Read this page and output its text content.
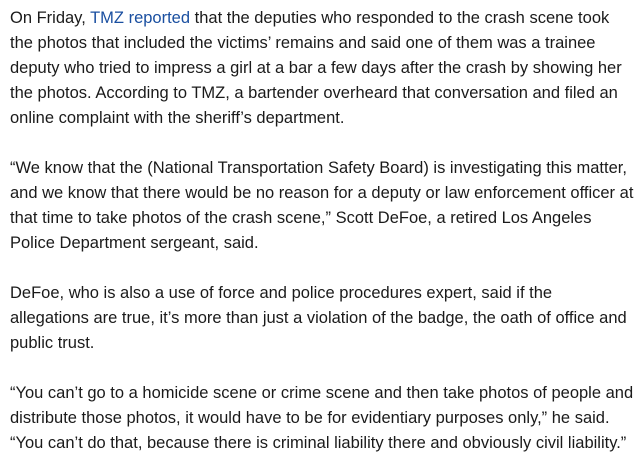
On Friday, TMZ reported that the deputies who responded to the crash scene took the photos that included the victims’ remains and said one of them was a trainee deputy who tried to impress a girl at a bar a few days after the crash by showing her the photos. According to TMZ, a bartender overheard that conversation and filed an online complaint with the sheriff’s department.

“We know that the (National Transportation Safety Board) is investigating this matter, and we know that there would be no reason for a deputy or law enforcement officer at that time to take photos of the crash scene,” Scott DeFoe, a retired Los Angeles Police Department sergeant, said.

DeFoe, who is also a use of force and police procedures expert, said if the allegations are true, it’s more than just a violation of the badge, the oath of office and public trust.

“You can’t go to a homicide scene or crime scene and then take photos of people and distribute those photos, it would have to be for evidentiary purposes only,” he said. “You can’t do that, because there is criminal liability there and obviously civil liability.”
